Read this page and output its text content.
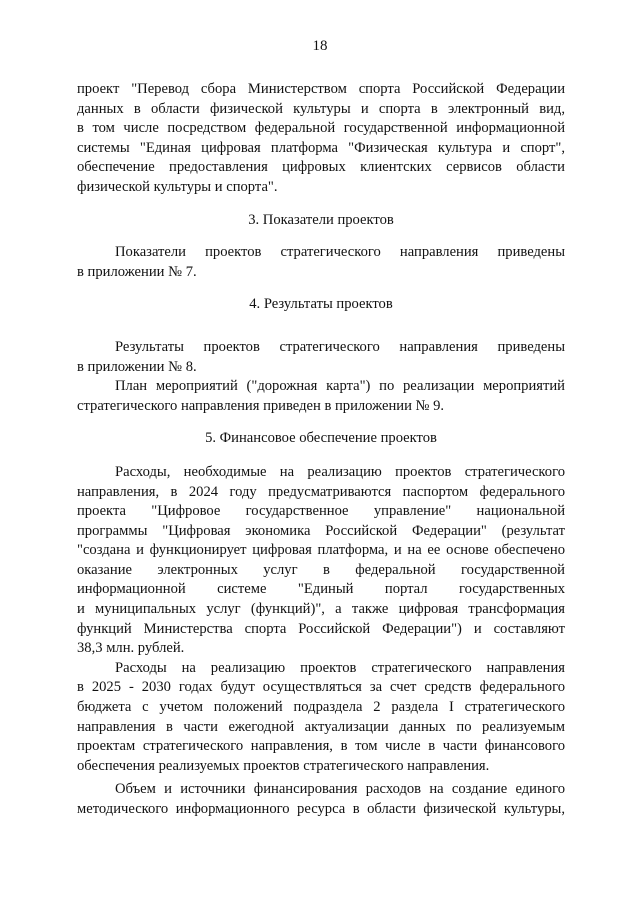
18
проект "Перевод сбора Министерством спорта Российской Федерации
данных в области физической культуры и спорта в электронный вид,
в том числе посредством федеральной государственной информационной
системы "Единая цифровая платформа "Физическая культура и спорт",
обеспечение предоставления цифровых клиентских сервисов области
физической культуры и спорта".
3. Показатели проектов
Показатели проектов стратегического направления приведены
в приложении № 7.
4. Результаты проектов
Результаты проектов стратегического направления приведены
в приложении № 8.
План мероприятий ("дорожная карта") по реализации мероприятий
стратегического направления приведен в приложении № 9.
5. Финансовое обеспечение проектов
Расходы, необходимые на реализацию проектов стратегического
направления, в 2024 году предусматриваются паспортом федерального
проекта "Цифровое государственное управление" национальной
программы "Цифровая экономика Российской Федерации" (результат
"создана и функционирует цифровая платформа, и на ее основе обеспечено
оказание электронных услуг в федеральной государственной
информационной системе "Единый портал государственных
и муниципальных услуг (функций)", а также цифровая трансформация
функций Министерства спорта Российской Федерации") и составляют
38,3 млн. рублей.
Расходы на реализацию проектов стратегического направления
в 2025 - 2030 годах будут осуществляться за счет средств федерального
бюджета с учетом положений подраздела 2 раздела I стратегического
направления в части ежегодной актуализации данных по реализуемым
проектам стратегического направления, в том числе в части финансового
обеспечения реализуемых проектов стратегического направления.
Объем и источники финансирования расходов на создание единого
методического информационного ресурса в области физической культуры,
